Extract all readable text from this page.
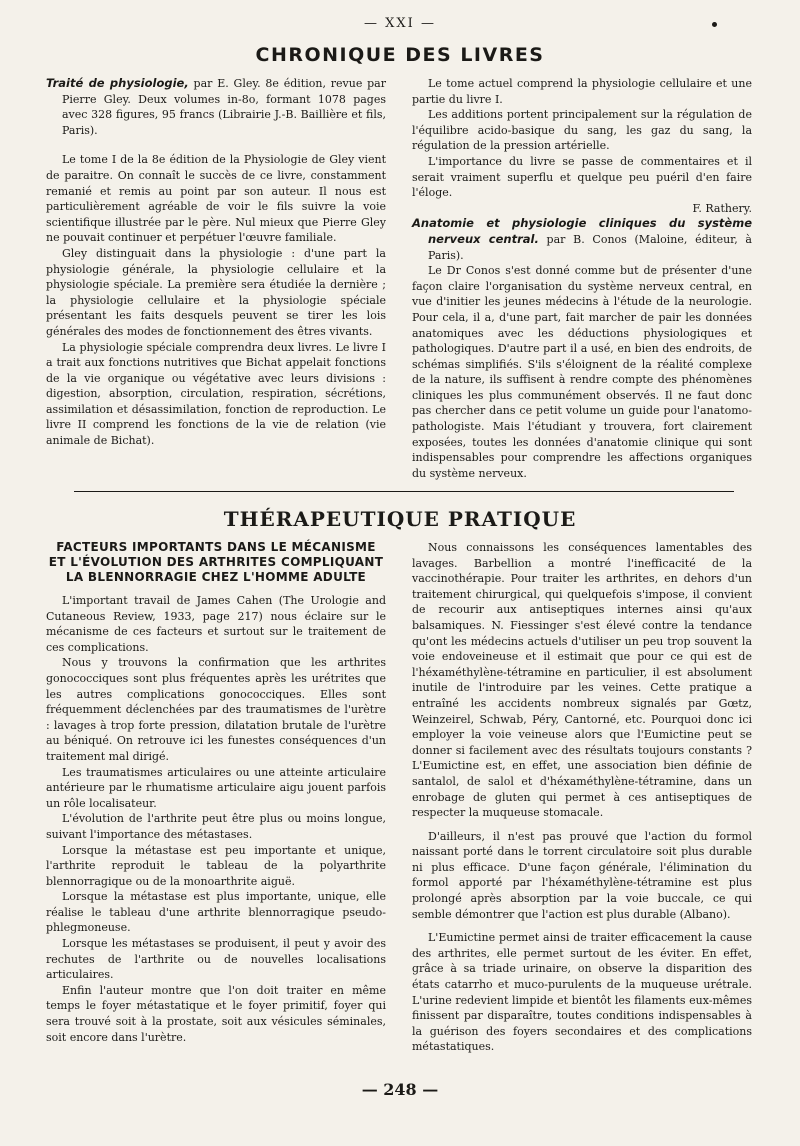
— XXI —
CHRONIQUE DES LIVRES

Traité de physiologie, par E. Gley. 8e édition, revue par Pierre Gley. Deux volumes in-8o, formant 1078 pages avec 328 figures, 95 francs (Librairie J.-B. Baillière et fils, Paris).

Le tome I de la 8e édition de la Physiologie de Gley vient de paraitre. On connaît le succès de ce livre, constamment remanié et remis au point par son auteur. Il nous est particulièrement agréable de voir le fils suivre la voie scientifique illustrée par le père. Nul mieux que Pierre Gley ne pouvait continuer et perpétuer l'œuvre familiale.

Gley distinguait dans la physiologie : d'une part la physiologie générale, la physiologie cellulaire et la physiologie spéciale. La première sera étudiée la dernière ; la physiologie cellulaire et la physiologie spéciale présentant les faits desquels peuvent se tirer les lois générales des modes de fonctionnement des êtres vivants.

La physiologie spéciale comprendra deux livres. Le livre I a trait aux fonctions nutritives que Bichat appelait fonctions de la vie organique ou végétative avec leurs divisions : digestion, absorption, circulation, respiration, sécrétions, assimilation et désassimilation, fonction de reproduction. Le livre II comprend les fonctions de la vie de relation (vie animale de Bichat).

Le tome actuel comprend la physiologie cellulaire et une partie du livre I.

Les additions portent principalement sur la régulation de l'équilibre acido-basique du sang, les gaz du sang, la régulation de la pression artérielle.

L'importance du livre se passe de commentaires et il serait vraiment superflu et quelque peu puéril d'en faire l'éloge.

F. Rathery.

Anatomie et physiologie cliniques du système nerveux central. par B. Conos (Maloine, éditeur, à Paris).

Le Dr Conos s'est donné comme but de présenter d'une façon claire l'organisation du système nerveux central, en vue d'initier les jeunes médecins à l'étude de la neurologie. Pour cela, il a, d'une part, fait marcher de pair les données anatomiques avec les déductions physiologiques et pathologiques. D'autre part il a usé, en bien des endroits, de schémas simplifiés. S'ils s'éloignent de la réalité complexe de la nature, ils suffisent à rendre compte des phénomènes cliniques les plus communément observés. Il ne faut donc pas chercher dans ce petit volume un guide pour l'anatomo-pathologiste. Mais l'étudiant y trouvera, fort clairement exposées, toutes les données d'anatomie clinique qui sont indispensables pour comprendre les affections organiques du système nerveux.

THÉRAPEUTIQUE PRATIQUE
FACTEURS IMPORTANTS DANS LE MÉCANISME ET L'ÉVOLUTION DES ARTHRITES COMPLIQUANT LA BLENNORRAGIE CHEZ L'HOMME ADULTE

L'important travail de James Cahen (The Urologie and Cutaneous Review, 1933, page 217) nous éclaire sur le mécanisme de ces facteurs et surtout sur le traitement de ces complications.

Nous y trouvons la confirmation que les arthrites gonococciques sont plus fréquentes après les urétrites que les autres complications gonococciques. Elles sont fréquemment déclenchées par des traumatismes de l'urètre : lavages à trop forte pression, dilatation brutale de l'urètre au béniqué. On retrouve ici les funestes conséquences d'un traitement mal dirigé.

Les traumatismes articulaires ou une atteinte articulaire antérieure par le rhumatisme articulaire aigu jouent parfois un rôle localisateur.

L'évolution de l'arthrite peut être plus ou moins longue, suivant l'importance des métastases.

Lorsque la métastase est peu importante et unique, l'arthrite reproduit le tableau de la polyarthrite blennorragique ou de la monoarthrite aiguë.

Lorsque la métastase est plus importante, unique, elle réalise le tableau d'une arthrite blennorragique pseudo-phlegmoneuse.

Lorsque les métastases se produisent, il peut y avoir des rechutes de l'arthrite ou de nouvelles localisations articulaires.

Enfin l'auteur montre que l'on doit traiter en même temps le foyer métastatique et le foyer primitif, foyer qui sera trouvé soit à la prostate, soit aux vésicules séminales, soit encore dans l'urètre.

Nous connaissons les conséquences lamentables des lavages. Barbellion a montré l'inefficacité de la vaccinothérapie. Pour traiter les arthrites, en dehors d'un traitement chirurgical, qui quelquefois s'impose, il convient de recourir aux antiseptiques internes ainsi qu'aux balsamiques. N. Fiessinger s'est élevé contre la tendance qu'ont les médecins actuels d'utiliser un peu trop souvent la voie endoveineuse et il estimait que pour ce qui est de l'héxaméthylène-tétramine en particulier, il est absolument inutile de l'introduire par les veines. Cette pratique a entraîné les accidents nombreux signalés par Gœtz, Weinzeirel, Schwab, Péry, Cantorné, etc. Pourquoi donc ici employer la voie veineuse alors que l'Eumictine peut se donner si facilement avec des résultats toujours constants ? L'Eumictine est, en effet, une association bien définie de santalol, de salol et d'héxaméthylène-tétramine, dans un enrobage de gluten qui permet à ces antiseptiques de respecter la muqueuse stomacale.

D'ailleurs, il n'est pas prouvé que l'action du formol naissant porté dans le torrent circulatoire soit plus durable ni plus efficace. D'une façon générale, l'élimination du formol apporté par l'héxaméthylène-tétramine est plus prolongé après absorption par la voie buccale, ce qui semble démontrer que l'action est plus durable (Albano).

L'Eumictine permet ainsi de traiter efficacement la cause des arthrites, elle permet surtout de les éviter. En effet, grâce à sa triade urinaire, on observe la disparition des états catarrho et muco-purulents de la muqueuse urétrale. L'urine redevient limpide et bientôt les filaments eux-mêmes finissent par disparaître, toutes conditions indispensables à la guérison des foyers secondaires et des complications métastatiques.

— 248 —
